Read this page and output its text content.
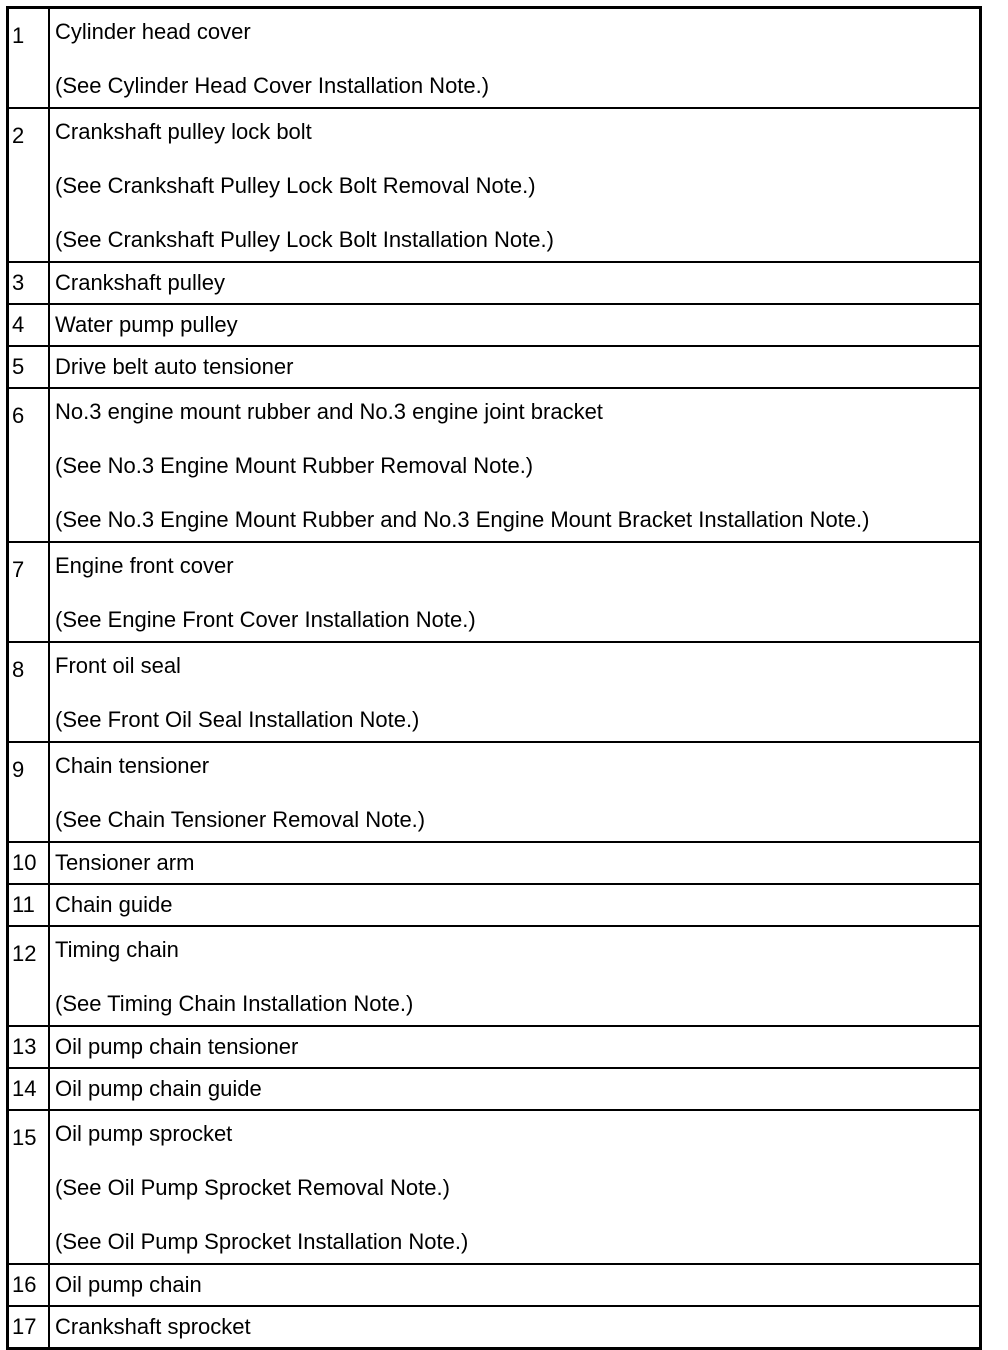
1	Cylinder head cover
(See Cylinder Head Cover Installation Note.)

2	Crankshaft pulley lock bolt
(See Crankshaft Pulley Lock Bolt Removal Note.)
(See Crankshaft Pulley Lock Bolt Installation Note.)

3	Crankshaft pulley

4	Water pump pulley

5	Drive belt auto tensioner

6	No.3 engine mount rubber and No.3 engine joint bracket
(See No.3 Engine Mount Rubber Removal Note.)
(See No.3 Engine Mount Rubber and No.3 Engine Mount Bracket Installation Note.)

7	Engine front cover
(See Engine Front Cover Installation Note.)

8	Front oil seal
(See Front Oil Seal Installation Note.)

9	Chain tensioner
(See Chain Tensioner Removal Note.)

10	Tensioner arm

11	Chain guide

12	Timing chain
(See Timing Chain Installation Note.)

13	Oil pump chain tensioner

14	Oil pump chain guide

15	Oil pump sprocket
(See Oil Pump Sprocket Removal Note.)
(See Oil Pump Sprocket Installation Note.)

16	Oil pump chain

17	Crankshaft sprocket
